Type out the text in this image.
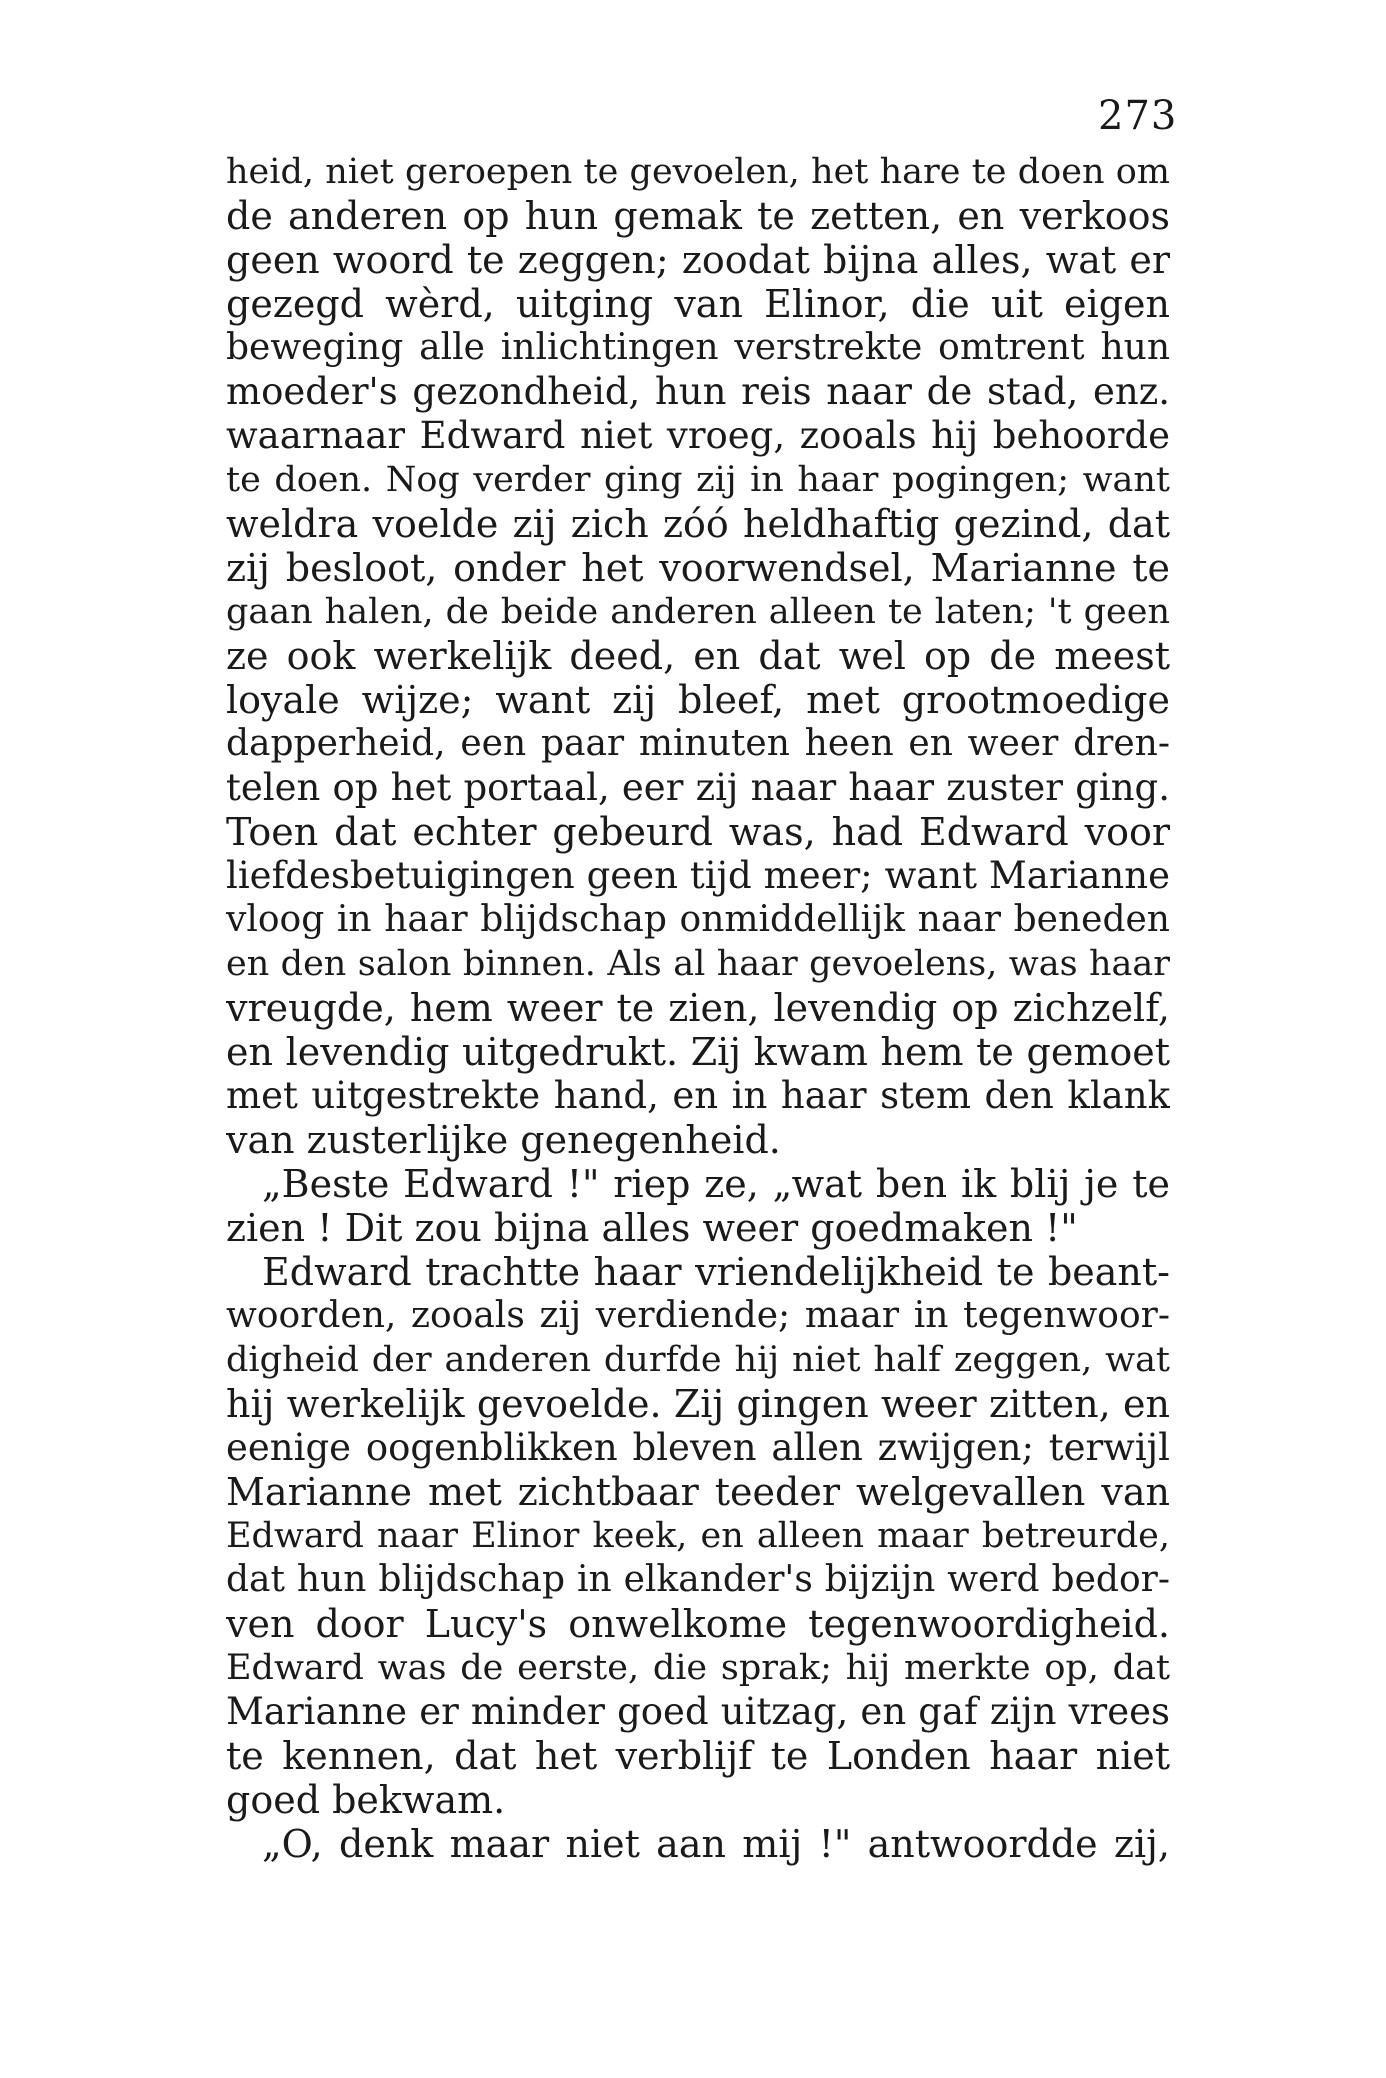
273
heid, niet geroepen te gevoelen, het hare te doen om
de anderen op hun gemak te zetten, en verkoos
geen woord te zeggen; zoodat bijna alles, wat er
gezegd wèrd, uitging van Elinor, die uit eigen
beweging alle inlichtingen verstrekte omtrent hun
moeder's gezondheid, hun reis naar de stad, enz.
waarnaar Edward niet vroeg, zooals hij behoorde
te doen. Nog verder ging zij in haar pogingen; want
weldra voelde zij zich zóó heldhaftig gezind, dat
zij besloot, onder het voorwendsel, Marianne te
gaan halen, de beide anderen alleen te laten; 't geen
ze ook werkelijk deed, en dat wel op de meest
loyale wijze; want zij bleef, met grootmoedige
dapperheid, een paar minuten heen en weer dren-
telen op het portaal, eer zij naar haar zuster ging.
Toen dat echter gebeurd was, had Edward voor
liefdesbetuigingen geen tijd meer; want Marianne
vloog in haar blijdschap onmiddellijk naar beneden
en den salon binnen. Als al haar gevoelens, was haar
vreugde, hem weer te zien, levendig op zichzelf,
en levendig uitgedrukt. Zij kwam hem te gemoet
met uitgestrekte hand, en in haar stem den klank
van zusterlijke genegenheid.
„Beste Edward !" riep ze, „wat ben ik blij je te
zien ! Dit zou bijna alles weer goedmaken !"
Edward trachtte haar vriendelijkheid te beant-
woorden, zooals zij verdiende; maar in tegenwoor-
digheid der anderen durfde hij niet half zeggen, wat
hij werkelijk gevoelde. Zij gingen weer zitten, en
eenige oogenblikken bleven allen zwijgen; terwijl
Marianne met zichtbaar teeder welgevallen van
Edward naar Elinor keek, en alleen maar betreurde,
dat hun blijdschap in elkander's bijzijn werd bedor-
ven door Lucy's onwelkome tegenwoordigheid.
Edward was de eerste, die sprak; hij merkte op, dat
Marianne er minder goed uitzag, en gaf zijn vrees
te kennen, dat het verblijf te Londen haar niet
goed bekwam.
„O, denk maar niet aan mij !" antwoordde zij,
